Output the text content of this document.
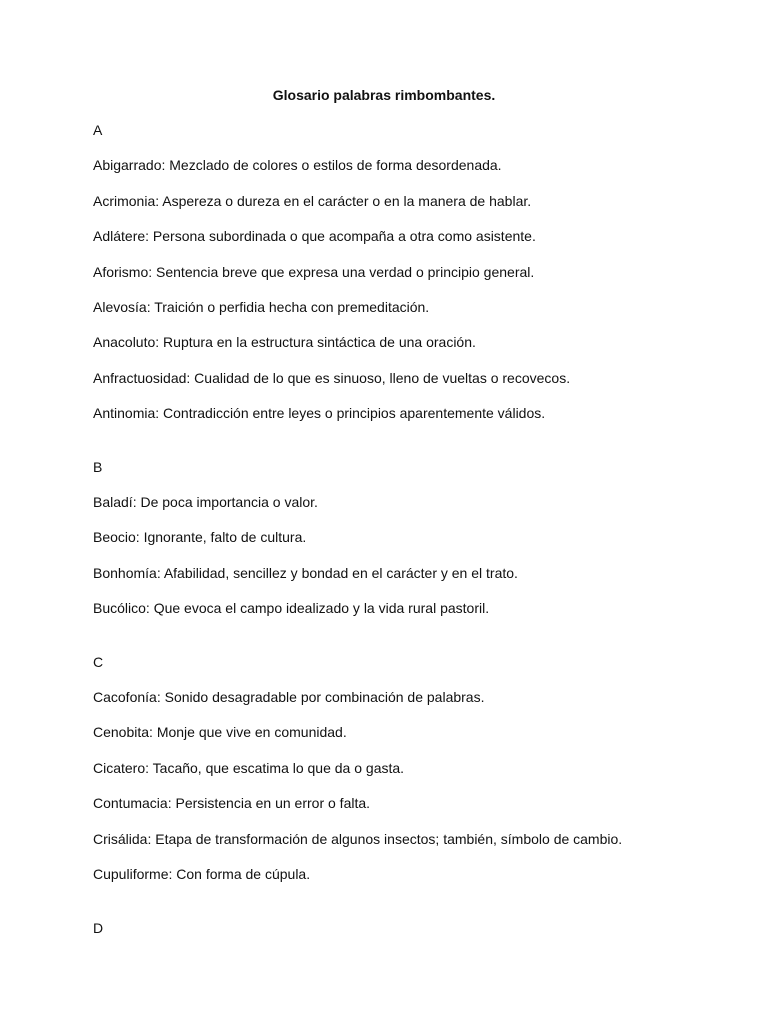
Glosario palabras rimbombantes.
A
Abigarrado: Mezclado de colores o estilos de forma desordenada.
Acrimonia: Aspereza o dureza en el carácter o en la manera de hablar.
Adlátere: Persona subordinada o que acompaña a otra como asistente.
Aforismo: Sentencia breve que expresa una verdad o principio general.
Alevosía: Traición o perfidia hecha con premeditación.
Anacoluto: Ruptura en la estructura sintáctica de una oración.
Anfractuosidad: Cualidad de lo que es sinuoso, lleno de vueltas o recovecos.
Antinomia: Contradicción entre leyes o principios aparentemente válidos.
B
Baladí: De poca importancia o valor.
Beocio: Ignorante, falto de cultura.
Bonhomía: Afabilidad, sencillez y bondad en el carácter y en el trato.
Bucólico: Que evoca el campo idealizado y la vida rural pastoril.
C
Cacofonía: Sonido desagradable por combinación de palabras.
Cenobita: Monje que vive en comunidad.
Cicatero: Tacaño, que escatima lo que da o gasta.
Contumacia: Persistencia en un error o falta.
Crisálida: Etapa de transformación de algunos insectos; también, símbolo de cambio.
Cupuliforme: Con forma de cúpula.
D
